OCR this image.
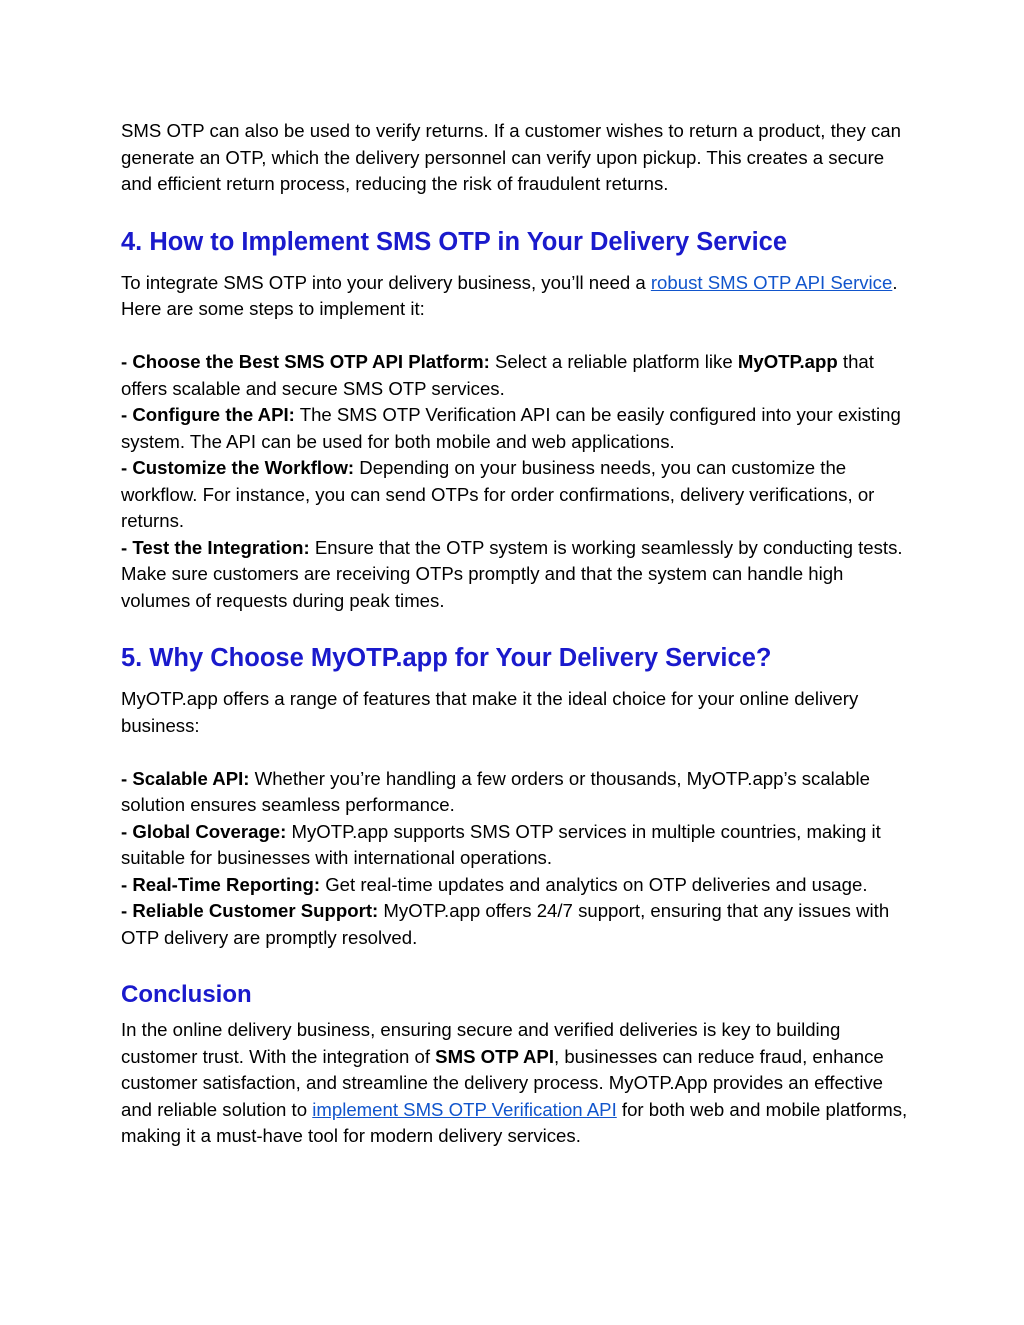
SMS OTP can also be used to verify returns. If a customer wishes to return a product, they can generate an OTP, which the delivery personnel can verify upon pickup. This creates a secure and efficient return process, reducing the risk of fraudulent returns.

4. How to Implement SMS OTP in Your Delivery Service

To integrate SMS OTP into your delivery business, you’ll need a robust SMS OTP API Service. Here are some steps to implement it:

- Choose the Best SMS OTP API Platform: Select a reliable platform like MyOTP.app that offers scalable and secure SMS OTP services.
- Configure the API: The SMS OTP Verification API can be easily configured into your existing system. The API can be used for both mobile and web applications.
- Customize the Workflow: Depending on your business needs, you can customize the workflow. For instance, you can send OTPs for order confirmations, delivery verifications, or returns.
- Test the Integration: Ensure that the OTP system is working seamlessly by conducting tests. Make sure customers are receiving OTPs promptly and that the system can handle high volumes of requests during peak times.

5. Why Choose MyOTP.app for Your Delivery Service?

MyOTP.app offers a range of features that make it the ideal choice for your online delivery business:

- Scalable API: Whether you’re handling a few orders or thousands, MyOTP.app’s scalable solution ensures seamless performance.
- Global Coverage: MyOTP.app supports SMS OTP services in multiple countries, making it suitable for businesses with international operations.
- Real-Time Reporting: Get real-time updates and analytics on OTP deliveries and usage.
- Reliable Customer Support: MyOTP.app offers 24/7 support, ensuring that any issues with OTP delivery are promptly resolved.

Conclusion

In the online delivery business, ensuring secure and verified deliveries is key to building customer trust. With the integration of SMS OTP API, businesses can reduce fraud, enhance customer satisfaction, and streamline the delivery process. MyOTP.App provides an effective and reliable solution to implement SMS OTP Verification API for both web and mobile platforms, making it a must-have tool for modern delivery services.
